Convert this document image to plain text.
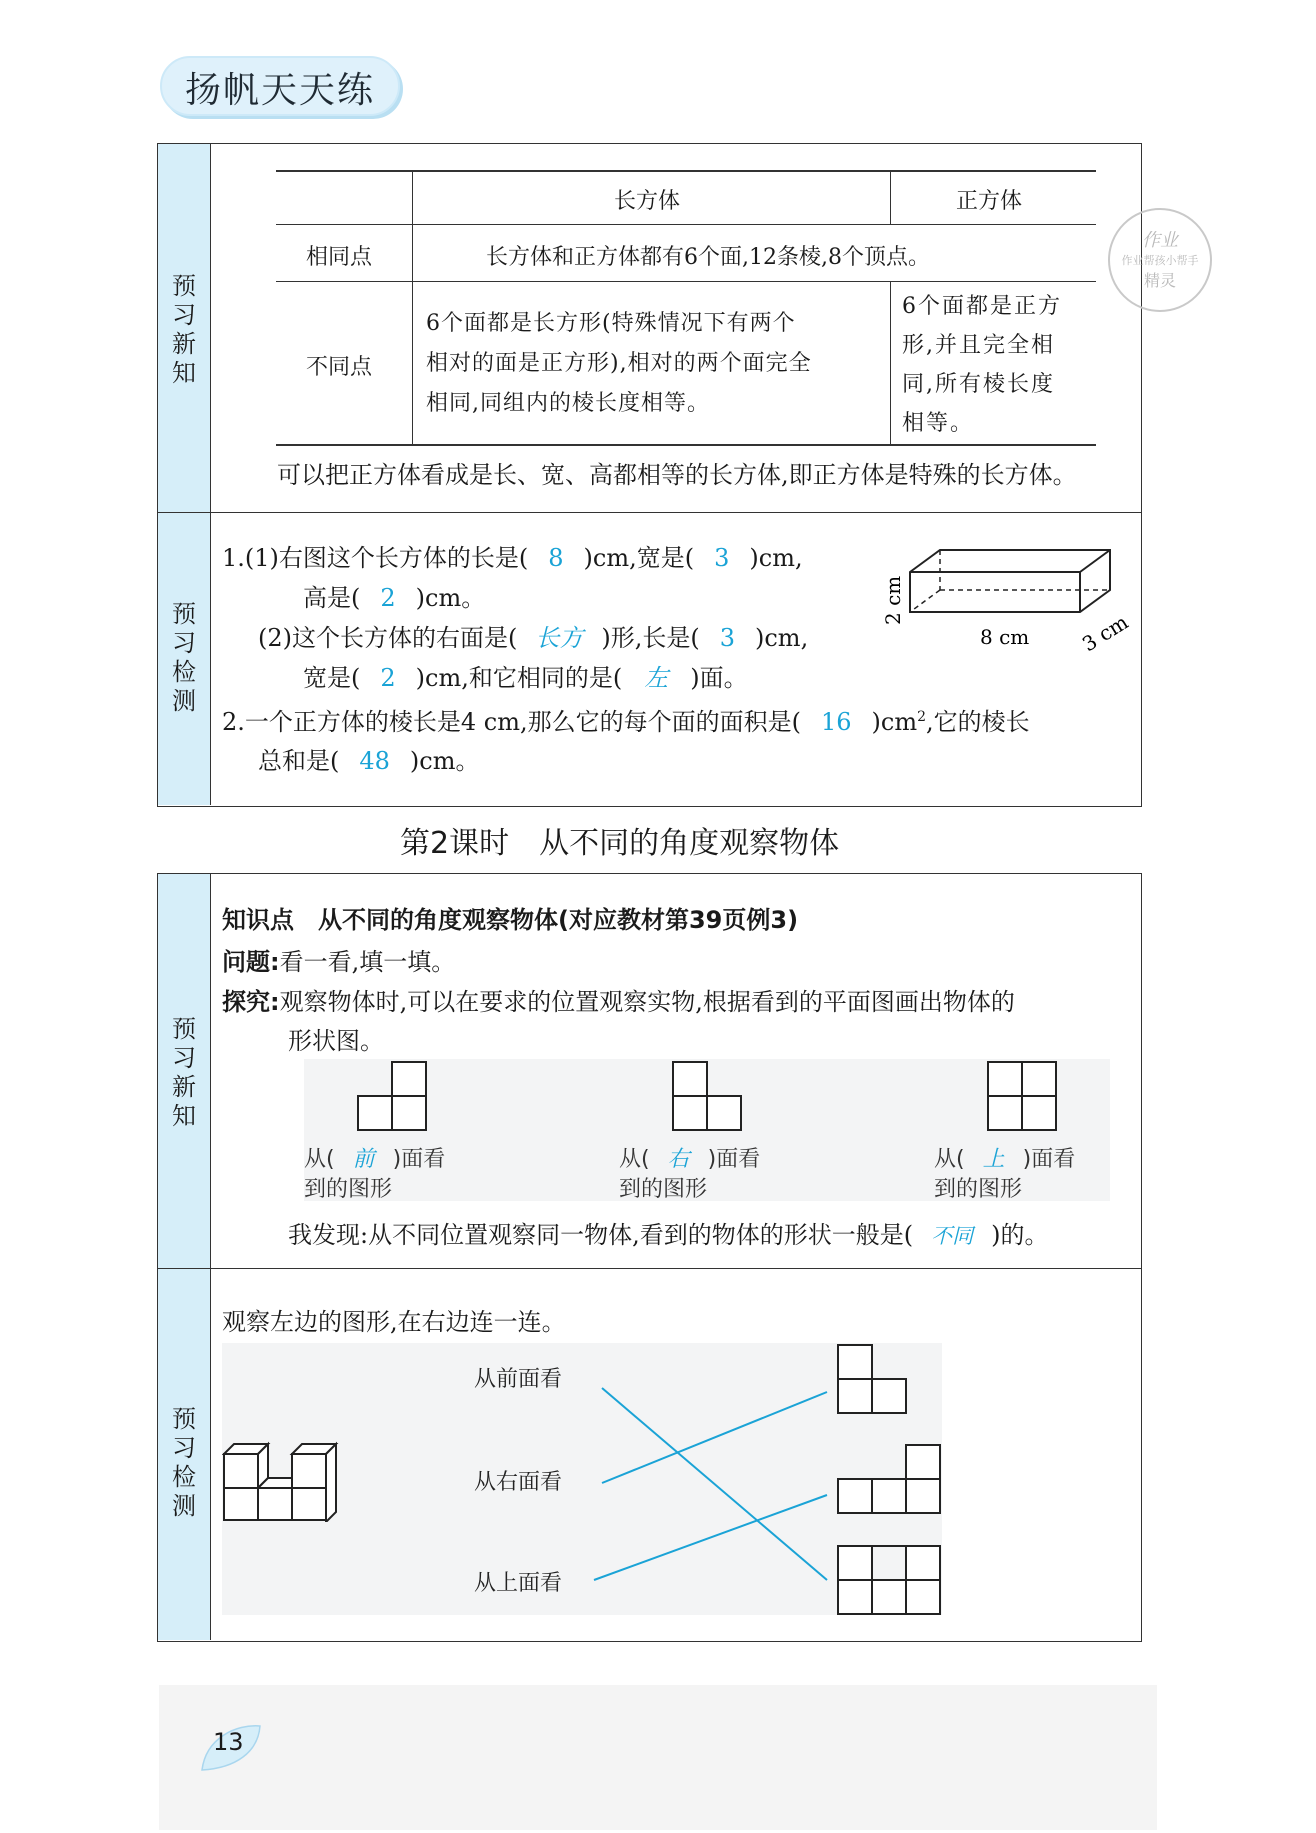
扬帆天天练
预
习
新
知
长方体	正方体
相同点	长方体和正方体都有6个面,12条棱,8个顶点。
不同点
6个面都是长方形(特殊情况下有两个
相对的面是正方形),相对的两个面完全
相同,同组内的棱长度相等。
6个面都是正方
形,并且完全相
同,所有棱长度
相等。
可以把正方体看成是长、宽、高都相等的长方体,即正方体是特殊的长方体。
作业
作业帮孩小帮手
精灵
预
习
检
测
1.(1)右图这个长方体的长是( 8 )cm,宽是( 3 )cm,
高是( 2 )cm。
(2)这个长方体的右面是( 长方 )形,长是( 3 )cm,
宽是( 2 )cm,和它相同的是( 左 )面。
2.一个正方体的棱长是4 cm,那么它的每个面的面积是( 16 )$cm^2$,它的棱长
总和是( 48 )cm。
2 cm
8 cm 3 cm
第2课时　从不同的角度观察物体
预
习
新
知
知识点 从不同的角度观察物体(对应教材第39页例3)
问题:看一看,填一填。
探究:观察物体时,可以在要求的位置观察实物,根据看到的平面图画出物体的
形状图。
从( 前 )面看
到的图形
从( 右 )面看
到的图形
从( 上 )面看
到的图形
我发现:从不同位置观察同一物体,看到的物体的形状一般是( 不同 )的。
预
习
检
测
观察左边的图形,在右边连一连。
从前面看
从右面看
从上面看
13
